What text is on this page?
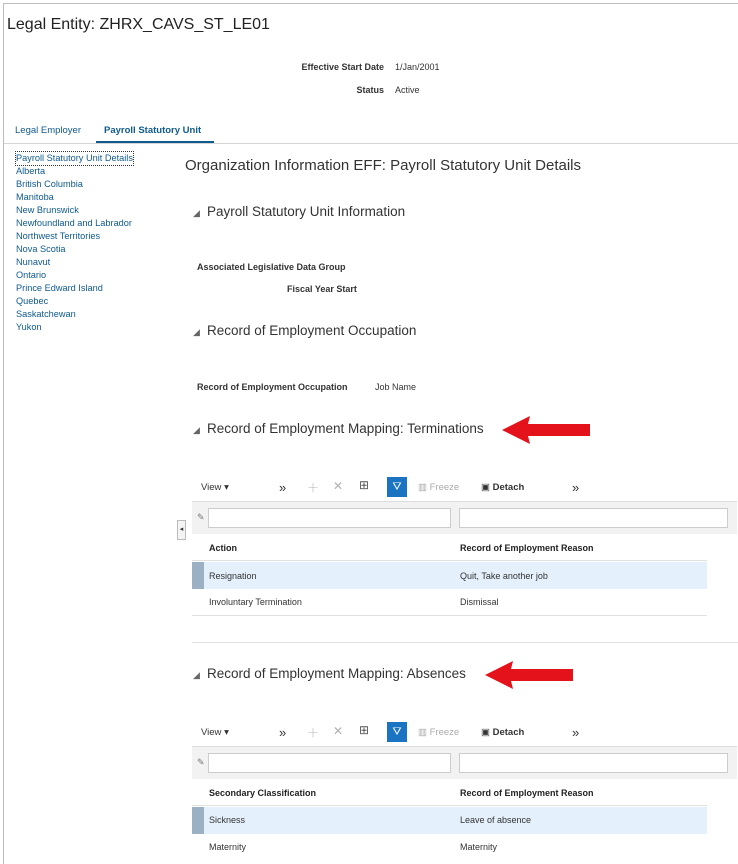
Legal Entity: ZHRX_CAVS_ST_LE01
Effective Start Date 1/Jan/2001
Status Active
Legal Employer Payroll Statutory Unit
Payroll Statutory Unit Details
Alberta
British Columbia
Manitoba
New Brunswick
Newfoundland and Labrador
Northwest Territories
Nova Scotia
Nunavut
Ontario
Prince Edward Island
Quebec
Saskatchewan
Yukon
◂
Organization Information EFF: Payroll Statutory Unit Details
◢ Payroll Statutory Unit Information
Associated Legislative Data Group
Fiscal Year Start
◢ Record of Employment Occupation
Record of Employment Occupation	Job Name
◢ Record of Employment Mapping: Terminations
View ▾	» ＋ ✕ ⊞	⛛	▥ Freeze ▣ Detach	»
✎
Action	Record of Employment Reason
Resignation	Quit, Take another job
Involuntary Termination	Dismissal
◢ Record of Employment Mapping: Absences
View ▾	» ＋ ✕ ⊞	⛛	▥ Freeze ▣ Detach	»
✎
Secondary Classification	Record of Employment Reason
Sickness	Leave of absence
Maternity	Maternity
